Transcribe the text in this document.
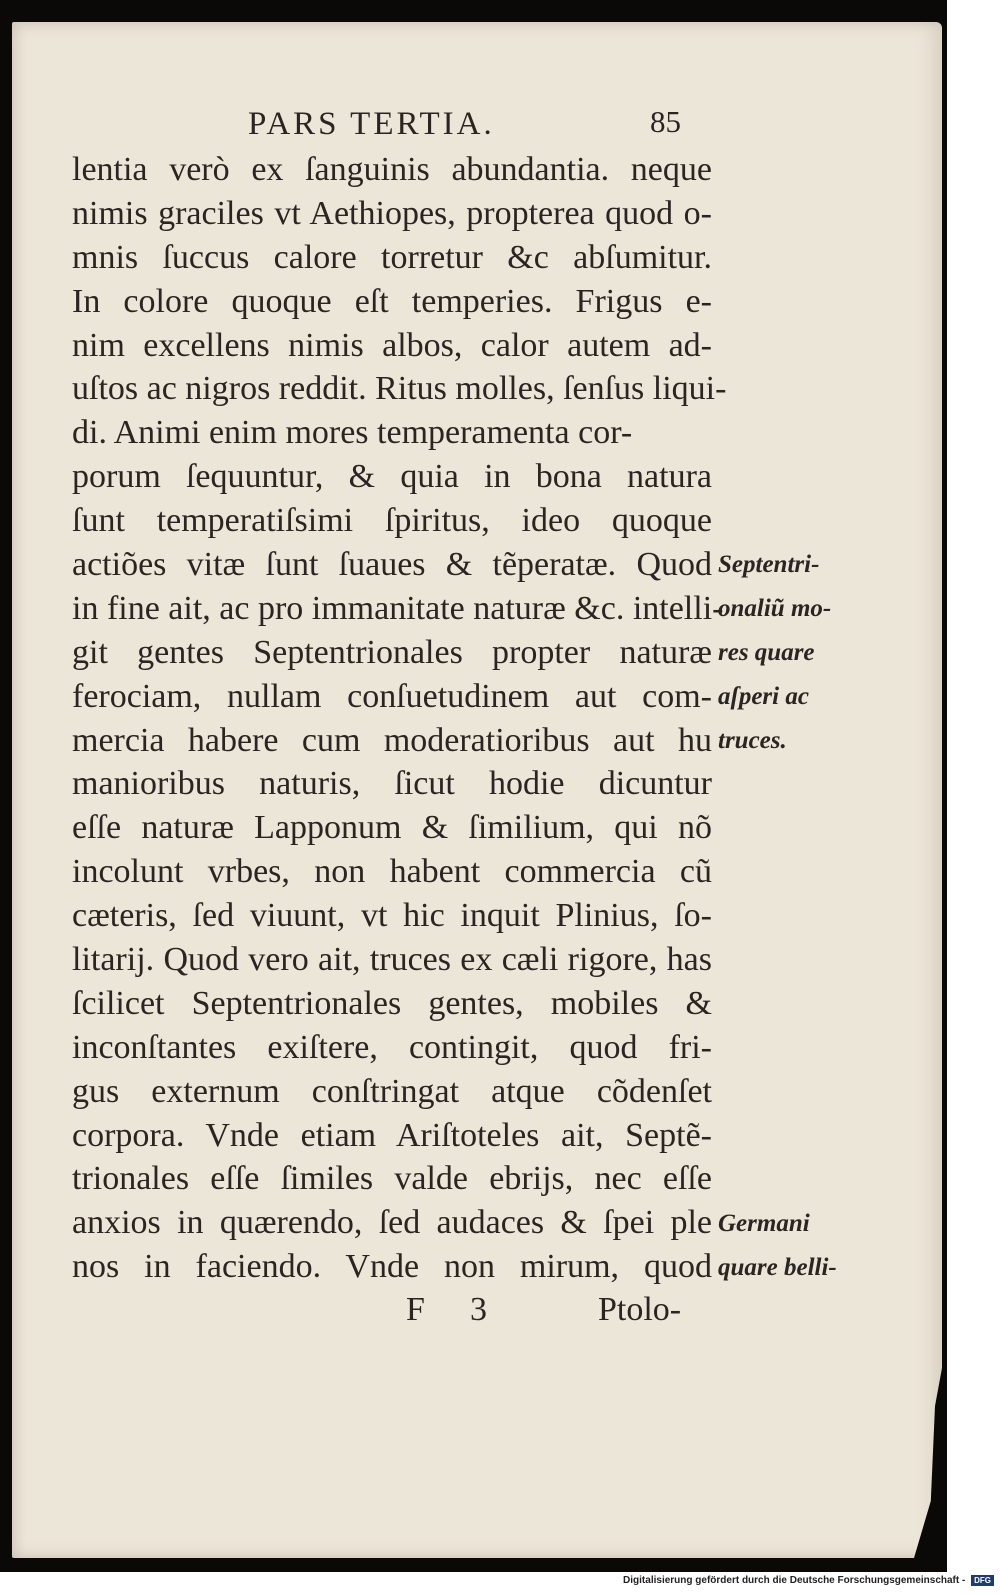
PARS TERTIA.	85
lentia verò ex ſanguinis abundantia. neque
nimis graciles vt Aethiopes, propterea quod o-
mnis ſuccus calore torretur &c abſumitur.
In colore quoque eſt temperies. Frigus e-
nim excellens nimis albos, calor autem ad-
uſtos ac nigros reddit. Ritus molles, ſenſus liqui-
di. Animi enim mores temperamenta cor-
porum ſequuntur, & quia in bona natura
ſunt temperatiſsimi ſpiritus, ideo quoque
actiões vitæ ſunt ſuaues & tẽperatæ. Quod
in fine ait, ac pro immanitate naturæ &c. intelli-
git gentes Septentrionales propter naturæ
ferociam, nullam conſuetudinem aut com-
mercia habere cum moderatioribus aut hu
manioribus naturis, ſicut hodie dicuntur
eſſe naturæ Lapponum & ſimilium, qui nõ
incolunt vrbes, non habent commercia cũ
cæteris, ſed viuunt, vt hic inquit Plinius, ſo-
litarij. Quod vero ait, truces ex cæli rigore, has
ſcilicet Septentrionales gentes, mobiles &
inconſtantes exiſtere, contingit, quod fri-
gus externum conſtringat atque cõdenſet
corpora. Vnde etiam Ariſtoteles ait, Septẽ-
trionales eſſe ſimiles valde ebrijs, nec eſſe
anxios in quærendo, ſed audaces & ſpei ple
nos in faciendo. Vnde non mirum, quod
Septentri-
onaliũ mo-
res quare
aſperi ac
truces.
Germani
quare belli-
F 3	Ptolo-
Digitalisierung gefördert durch die Deutsche Forschungsgemeinschaft - DFG
